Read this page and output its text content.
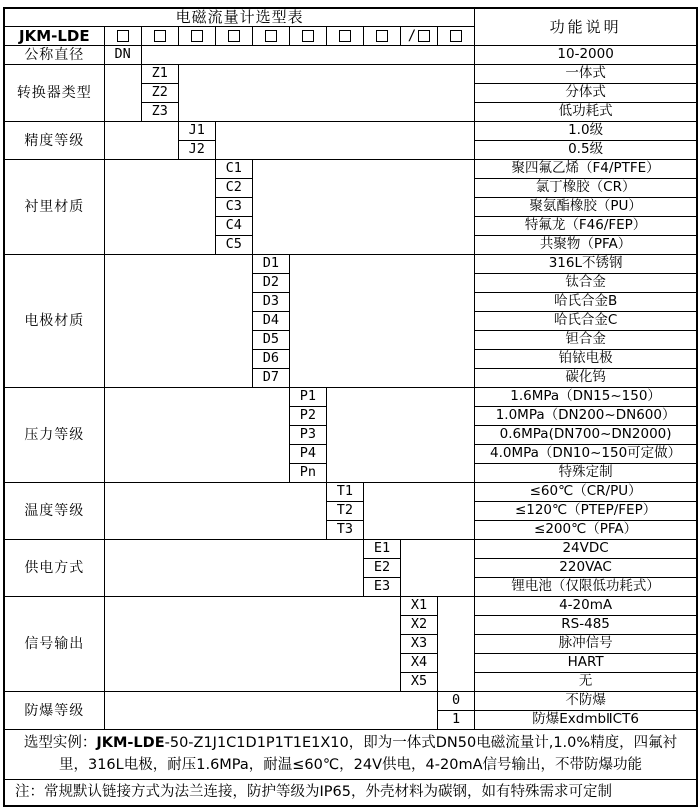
电磁流量计选型表											功能说明
JKM-LDE									/		
公称直径	DN										10-2000
转换器类型		Z1									一体式
		Z2									分体式
		Z3									低功耗式
精度等级			J1								1.0级
			J2								0.5级
衬里材质				C1							聚四氟乙烯（F4/PTFE）
				C2							氯丁橡胶（CR）
				C3							聚氨酯橡胶（PU）
				C4							特氟龙（F46/FEP）
				C5							共聚物（PFA）
电极材质					D1						316L不锈钢
					D2						钛合金
					D3						哈氏合金B
					D4						哈氏合金C
					D5						钽合金
					D6						铂铱电极
					D7						碳化钨
压力等级						P1					1.6MPa（DN15~150）
						P2					1.0MPa（DN200~DN600）
						P3					0.6MPa(DN700~DN2000)
						P4					4.0MPa（DN10~150可定做）
						Pn					特殊定制
温度等级							T1				≤60℃（CR/PU）
							T2				≤120℃（PTEP/FEP）
							T3				≤200℃（PFA）
供电方式								E1			24VDC
								E2			220VAC
								E3			锂电池（仅限低功耗式）
信号输出									X1		4-20mA
									X2		RS-485
									X3		脉冲信号
									X4		HART
									X5		无
防爆等级										0	不防爆
										1	防爆ExdmbⅡCT6
选型实例：JKM-LDE-50-Z1J1C1D1P1T1E1X10，即为一体式DN50电磁流量计,1.0%精度，四氟衬里，316L电极，耐压1.6MPa，耐温≤60℃，24V供电，4-20mA信号输出，不带防爆功能											
注：常规默认链接方式为法兰连接，防护等级为IP65，外壳材料为碳钢，如有特殊需求可定制											
